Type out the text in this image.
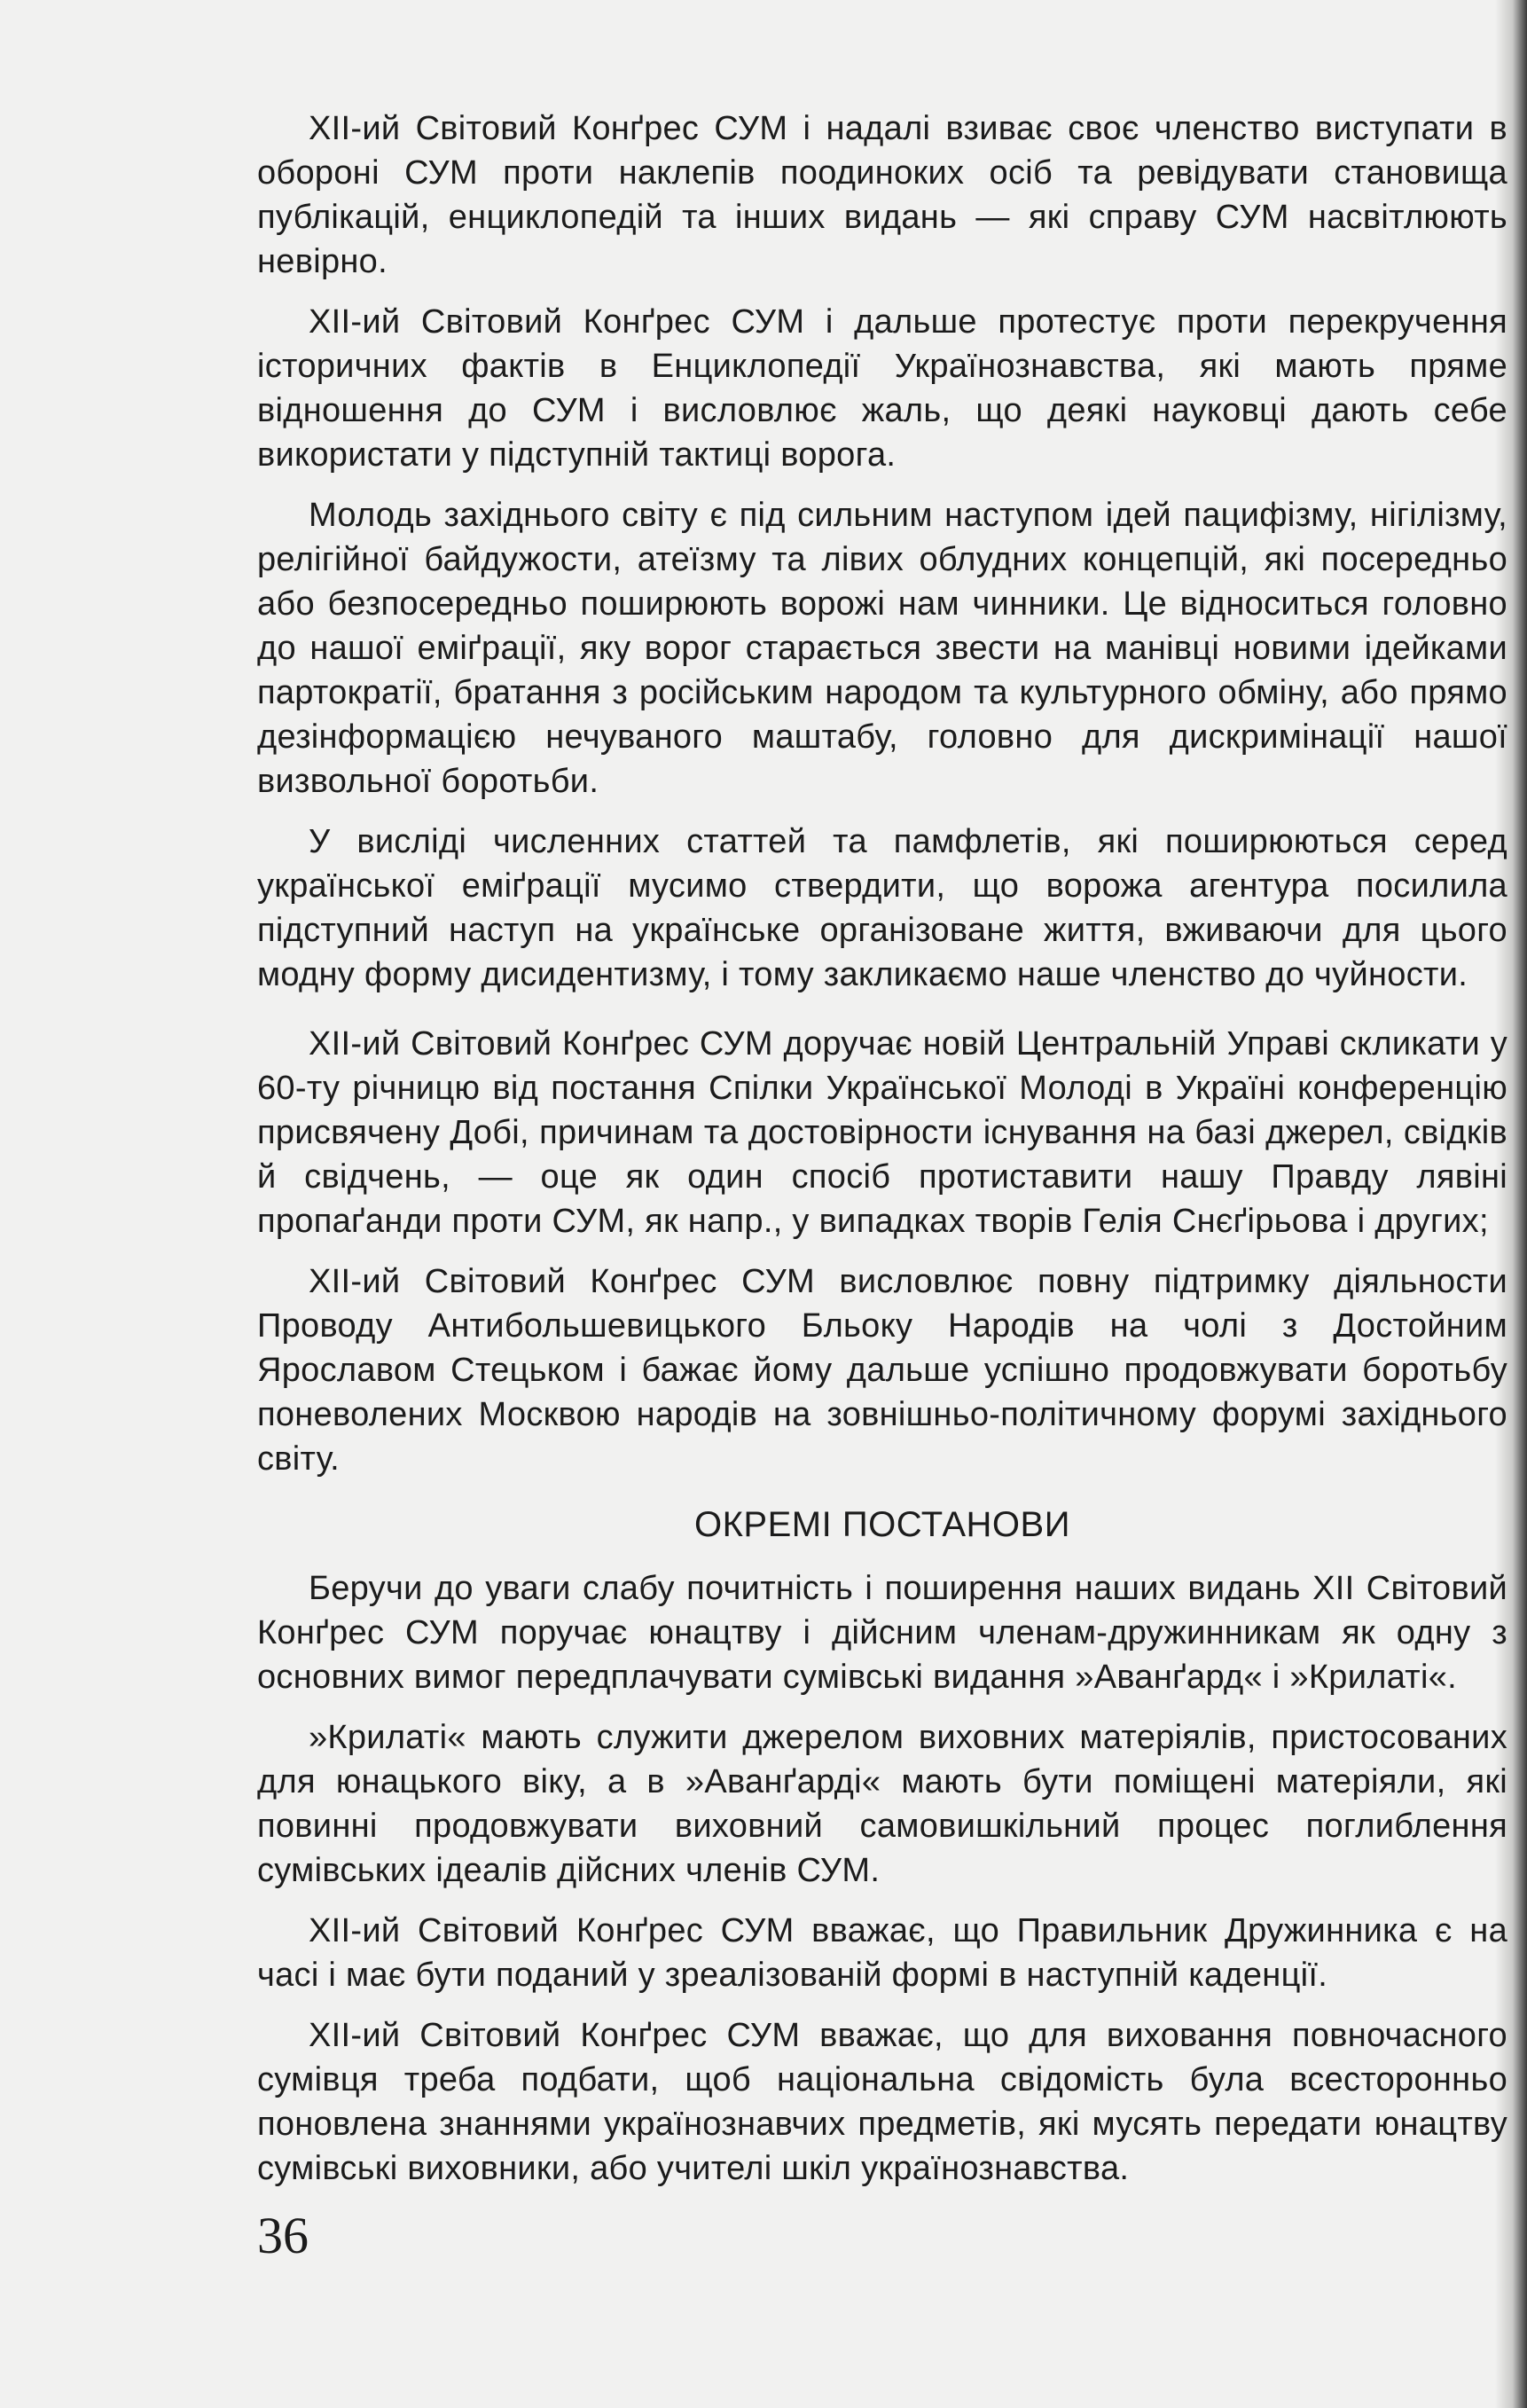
XII-ий Світовий Конґрес СУМ і надалі взиває своє членство виступати в обороні СУМ проти наклепів поодиноких осіб та ревідувати становища публікацій, енциклопедій та інших видань — які справу СУМ насвітлюють невірно.

XII-ий Світовий Конґрес СУМ і дальше протестує проти перекручення історичних фактів в Енциклопедії Українознавства, які мають пряме відношення до СУМ і висловлює жаль, що деякі науковці дають себе використати у підступній тактиці ворога.

Молодь західнього світу є під сильним наступом ідей пацифізму, нігілізму, релігійної байдужости, атеїзму та лівих облудних концепцій, які посередньо або безпосередньо поширюють ворожі нам чинники. Це відноситься головно до нашої еміґрації, яку ворог старається звести на манівці новими ідейками партократії, братання з російським народом та культурного обміну, або прямо дезінформацією нечуваного маштабу, головно для дискримінації нашої визвольної боротьби.

У висліді численних статтей та памфлетів, які поширюються серед української еміґрації мусимо ствердити, що ворожа агентура посилила підступний наступ на українське організоване життя, вживаючи для цього модну форму дисидентизму, і тому закликаємо наше членство до чуйности.

XII-ий Світовий Конґрес СУМ доручає новій Центральній Управі скликати у 60-ту річницю від постання Спілки Української Молоді в Україні конференцію присвячену Добі, причинам та достовірности існування на базі джерел, свідків й свідчень, — оце як один спосіб протиставити нашу Правду лявіні пропаґанди проти СУМ, як напр., у випадках творів Гелія Снєґірьова і других;

XII-ий Світовий Конґрес СУМ висловлює повну підтримку діяльности Проводу Антибольшевицького Бльоку Народів на чолі з Достойним Ярославом Стецьком і бажає йому дальше успішно продовжувати боротьбу поневолених Москвою народів на зовнішньо-політичному форумі західнього світу.

ОКРЕМІ ПОСТАНОВИ

Беручи до уваги слабу почитність і поширення наших видань XII Світовий Конґрес СУМ поручає юнацтву і дійсним членам-дружинникам як одну з основних вимог передплачувати сумівські видання »Аванґард« і »Крилаті«.

»Крилаті« мають служити джерелом виховних матеріялів, пристосованих для юнацького віку, а в »Аванґарді« мають бути поміщені матеріяли, які повинні продовжувати виховний самовишкільний процес поглиблення сумівських ідеалів дійсних членів СУМ.

XII-ий Світовий Конґрес СУМ вважає, що Правильник Дружинника є на часі і має бути поданий у зреалізованій формі в наступній каденції.

XII-ий Світовий Конґрес СУМ вважає, що для виховання повночасного сумівця треба подбати, щоб національна свідомість була всесторонньо поновлена знаннями українознавчих предметів, які мусять передати юнацтву сумівські виховники, або учителі шкіл українознавства.

36
